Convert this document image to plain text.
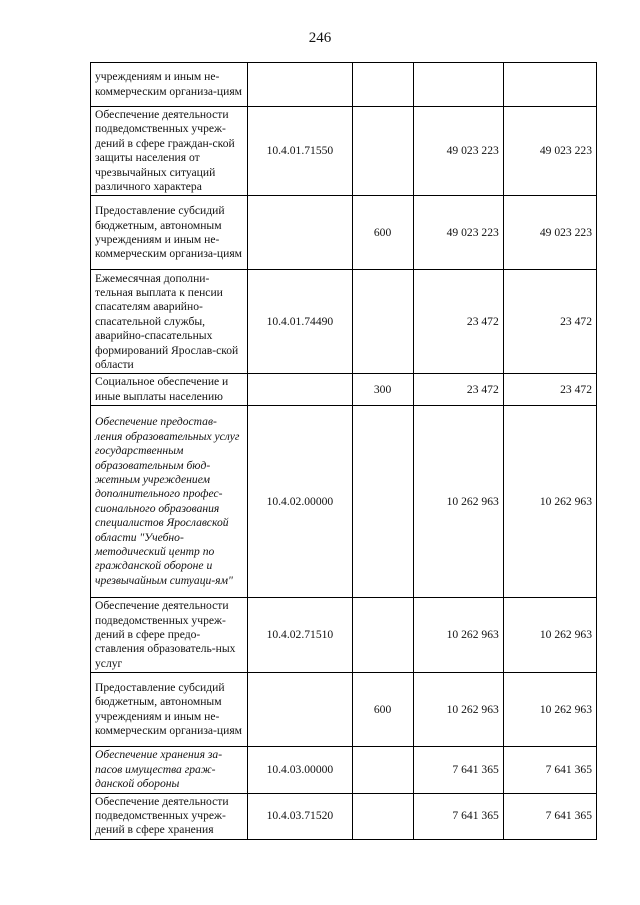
246
учреждениям и иным не-коммерческим организа-циям				
Обеспечение деятельности подведомственных учреж-дений в сфере граждан-ской защиты населения от чрезвычайных ситуаций различного характера	10.4.01.71550		49 023 223	49 023 223
Предоставление субсидий бюджетным, автономным учреждениям и иным не-коммерческим организа-циям		600	49 023 223	49 023 223
Ежемесячная дополни-тельная выплата к пенсии спасателям аварийно-спасательной службы, аварийно-спасательных формирований Ярослав-ской области	10.4.01.74490		23 472	23 472
Социальное обеспечение и иные выплаты населению		300	23 472	23 472
Обеспечение предостав-ления образовательных услуг государственным образовательным бюд-жетным учреждением дополнительного профес-сионального образования специалистов Ярославской области "Учебно-методический центр по гражданской обороне и чрезвычайным ситуаци-ям"	10.4.02.00000		10 262 963	10 262 963
Обеспечение деятельности подведомственных учреж-дений в сфере предо-ставления образователь-ных услуг	10.4.02.71510		10 262 963	10 262 963
Предоставление субсидий бюджетным, автономным учреждениям и иным не-коммерческим организа-циям		600	10 262 963	10 262 963
Обеспечение хранения за-пасов имущества граж-данской обороны	10.4.03.00000		7 641 365	7 641 365
Обеспечение деятельности подведомственных учреж-дений в сфере хранения	10.4.03.71520		7 641 365	7 641 365
